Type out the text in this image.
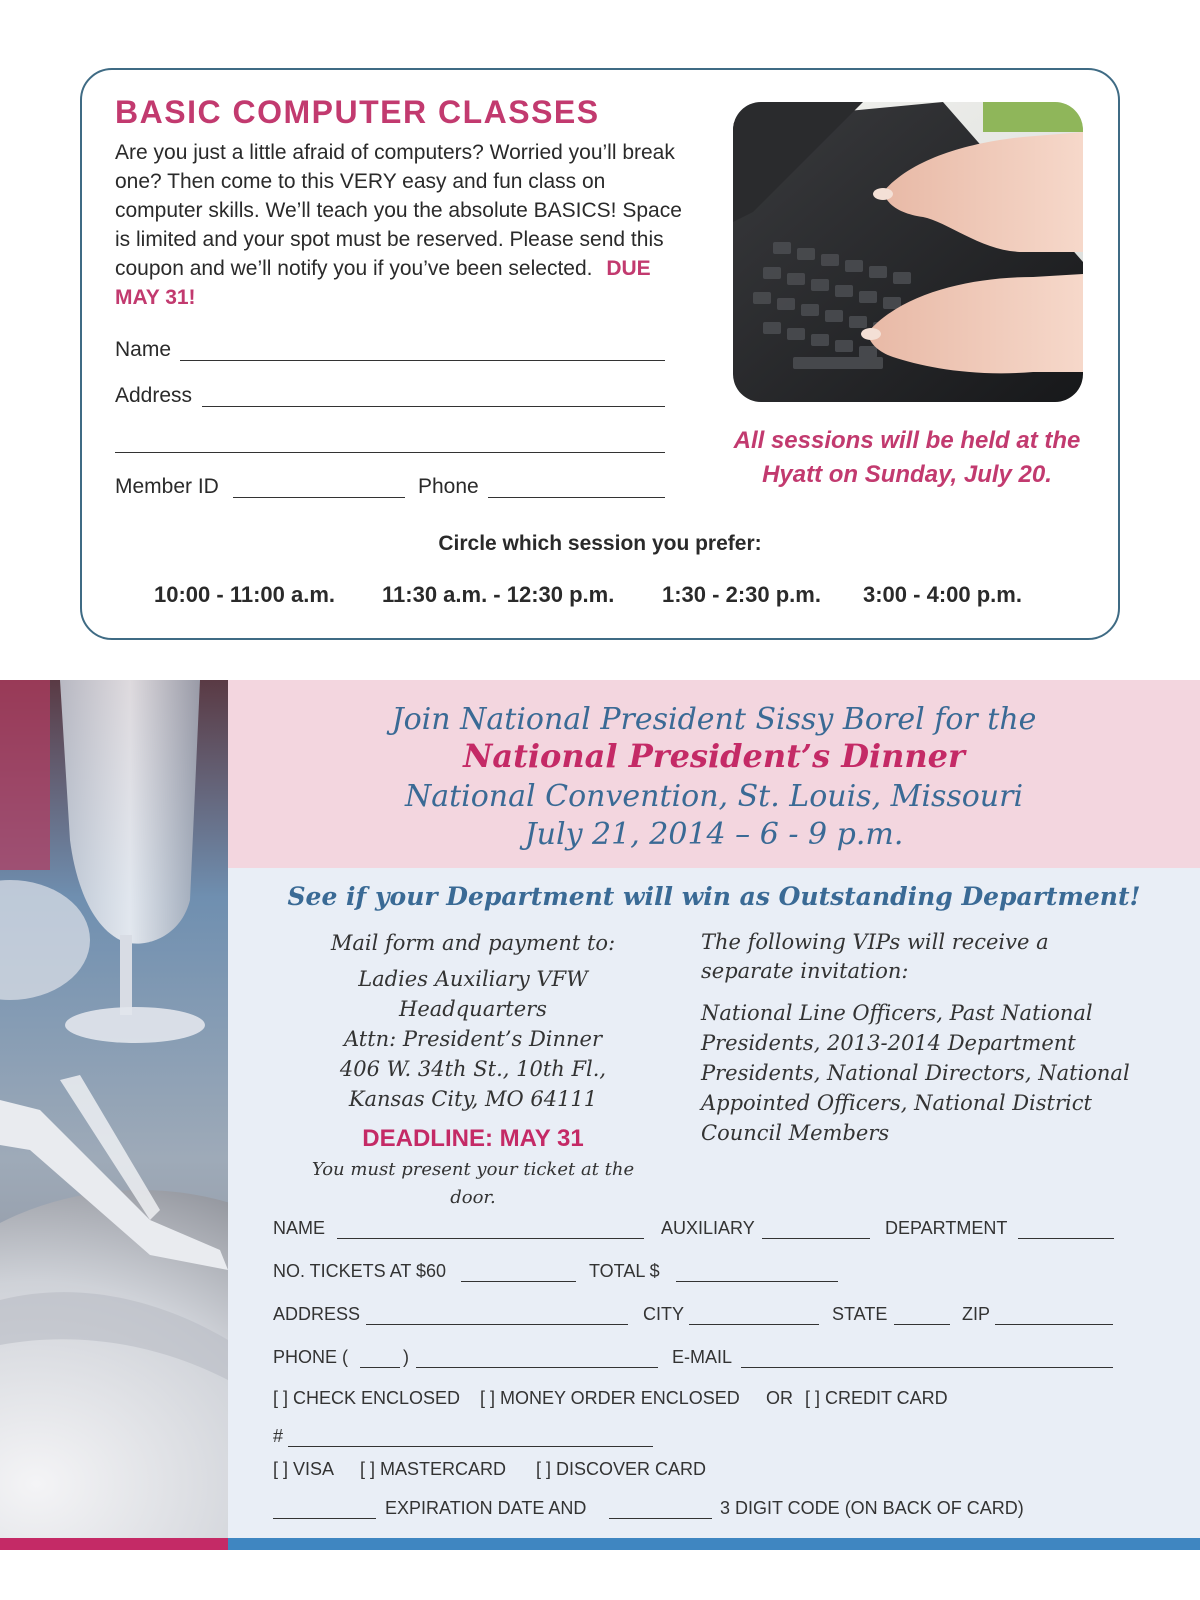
BASIC COMPUTER CLASSES
Are you just a little afraid of computers? Worried you’ll break one? Then come to this VERY easy and fun class on computer skills. We’ll teach you the absolute BASICS! Space is limited and your spot must be reserved. Please send this coupon and we’ll notify you if you’ve been selected. DUE MAY 31!
Name
Address
Member ID	Phone
All sessions will be held at the Hyatt on Sunday, July 20.
Circle which session you prefer:
10:00 - 11:00 a.m. 11:30 a.m. - 12:30 p.m. 1:30 - 2:30 p.m. 3:00 - 4:00 p.m.
Join National President Sissy Borel for the
National President’s Dinner
National Convention, St. Louis, Missouri
July 21, 2014 – 6 - 9 p.m.
See if your Department will win as Outstanding Department!
Mail form and payment to:
Ladies Auxiliary VFW Headquarters
Attn: President’s Dinner
406 W. 34th St., 10th Fl.,
Kansas City, MO 64111
DEADLINE: MAY 31
You must present your ticket at the door.
The following VIPs will receive a separate invitation:
National Line Officers, Past National Presidents, 2013-2014 Department Presidents, National Directors, National Appointed Officers, National District Council Members
NAME	AUXILIARY	DEPARTMENT
NO. TICKETS AT $60	TOTAL $
ADDRESS	CITY	STATE	ZIP
PHONE (	)	E-MAIL
[ ] CHECK ENCLOSED [ ] MONEY ORDER ENCLOSED OR [ ] CREDIT CARD
#
[ ] VISA [ ] MASTERCARD [ ] DISCOVER CARD
EXPIRATION DATE AND	3 DIGIT CODE (ON BACK OF CARD)
